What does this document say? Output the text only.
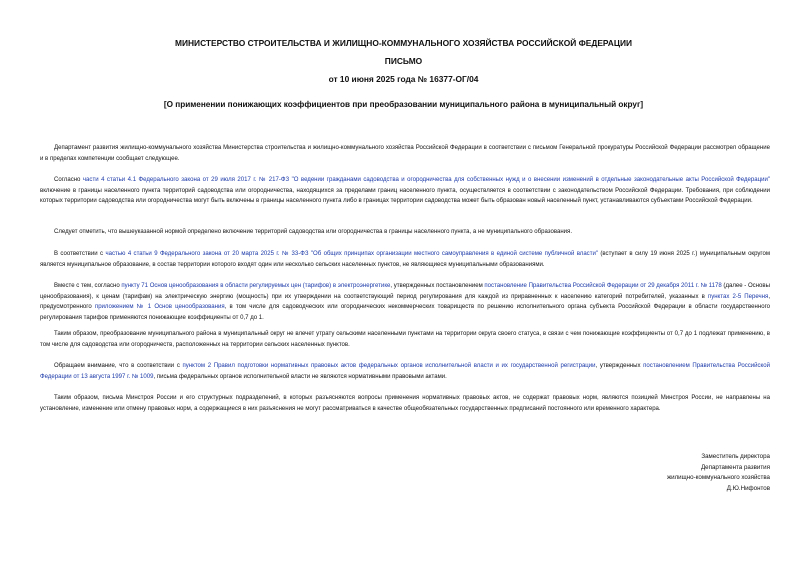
МИНИСТЕРСТВО СТРОИТЕЛЬСТВА И ЖИЛИЩНО-КОММУНАЛЬНОГО ХОЗЯЙСТВА РОССИЙСКОЙ ФЕДЕРАЦИИ
ПИСЬМО
от 10 июня 2025 года № 16377-ОГ/04
[О применении понижающих коэффициентов при преобразовании муниципального района в муниципальный округ]
Департамент развития жилищно-коммунального хозяйства Министерства строительства и жилищно-коммунального хозяйства Российской Федерации в соответствии с письмом Генеральной прокуратуры Российской Федерации рассмотрел обращение и в пределах компетенции сообщает следующее.
Согласно части 4 статьи 4.1 Федерального закона от 29 июля 2017 г. № 217-ФЗ "О ведении гражданами садоводства и огородничества для собственных нужд и о внесении изменений в отдельные законодательные акты Российской Федерации" включение в границы населенного пункта территорий садоводства или огородничества, находящихся за пределами границ населенного пункта, осуществляется в соответствии с законодательством Российской Федерации. Требования, при соблюдении которых территории садоводства или огородничества могут быть включены в границы населенного пункта либо в границах территории садоводства может быть образован новый населенный пункт, устанавливаются субъектами Российской Федерации.
Следует отметить, что вышеуказанной нормой определено включение территорий садоводства или огородничества в границы населенного пункта, а не муниципального образования.
В соответствии с частью 4 статьи 9 Федерального закона от 20 марта 2025 г. № 33-ФЗ "Об общих принципах организации местного самоуправления в единой системе публичной власти" (вступает в силу 19 июня 2025 г.) муниципальным округом является муниципальное образование, в состав территории которого входят один или несколько сельских населенных пунктов, не являющиеся муниципальными образованиями.
Вместе с тем, согласно пункту 71 Основ ценообразования в области регулируемых цен (тарифов) в электроэнергетике, утвержденных постановлением постановление Правительства Российской Федерации от 29 декабря 2011 г. № 1178 (далее - Основы ценообразования), к ценам (тарифам) на электрическую энергию (мощность) при их утверждении на соответствующий период регулирования для каждой из приравненных к населению категорий потребителей, указанных в пунктах 2-5 Перечня, предусмотренного приложением № 1 Основ ценообразования, в том числе для садоводческих или огороднических некоммерческих товариществ по решению исполнительного органа субъекта Российской Федерации в области государственного регулирования тарифов применяются понижающие коэффициенты от 0,7 до 1.
Таким образом, преобразование муниципального района в муниципальный округ не влечет утрату сельскими населенными пунктами на территории округа своего статуса, в связи с чем понижающие коэффициенты от 0,7 до 1 подлежат применению, в том числе для садоводства или огородничеств, расположенных на территории сельских населенных пунктов.
Обращаем внимание, что в соответствии с пунктом 2 Правил подготовки нормативных правовых актов федеральных органов исполнительной власти и их государственной регистрации, утвержденных постановлением Правительства Российской Федерации от 13 августа 1997 г. № 1009, письма федеральных органов исполнительной власти не являются нормативными правовыми актами.
Таким образом, письма Минстроя России и его структурных подразделений, в которых разъясняются вопросы применения нормативных правовых актов, не содержат правовых норм, являются позицией Минстроя России, не направлены на установление, изменение или отмену правовых норм, а содержащиеся в них разъяснения не могут рассматриваться в качестве общеобязательных государственных предписаний постоянного или временного характера.
Заместитель директора
Департамента развития
жилищно-коммунального хозяйства
Д.Ю.Нифонтов
